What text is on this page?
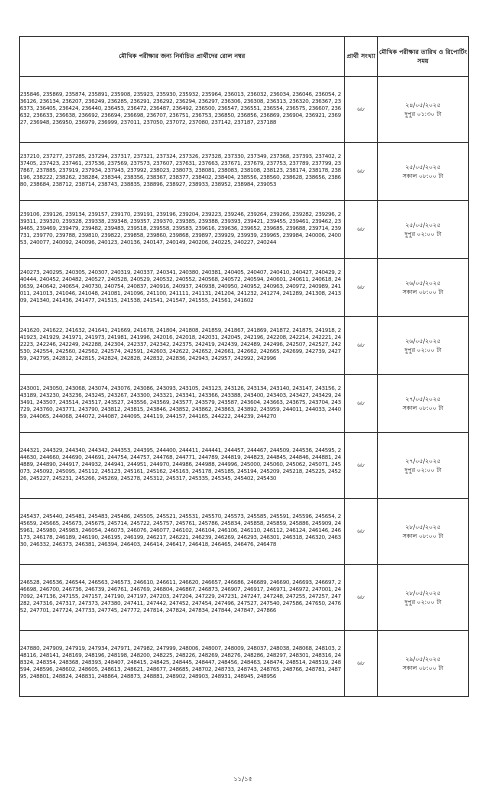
মৌখিক পরীক্ষার জন্য নির্বাচিত প্রার্থীদের রোল নম্বর	প্রার্থী সংখ্যা	মৌখিক পরীক্ষার তারিখ ও রিপোর্টিং সময়
235846, 235869, 235874, 235891, 235908, 235923, 235930, 235932, 235964, 236013, 236032, 236034, 236046, 236054, 236126, 236134, 236207, 236249, 236285, 236291, 236292, 236294, 236297, 236306, 236308, 236313, 236320, 236367, 236373, 236405, 236424, 236440, 236453, 236472, 236487, 236492, 236500, 236547, 236551, 236554, 236575, 236607, 236632, 236633, 236638, 236692, 236694, 236698, 236707, 236751, 236753, 236850, 236856, 236869, 236904, 236921, 236927, 236948, 236950, 236979, 236999, 237011, 237050, 237072, 237080, 237142, 237187, 237188	৬৮	২৪/০৫/২০২৫
দুপুর ০১:৩০ টা

237210, 237277, 237285, 237294, 237317, 237321, 237324, 237326, 237328, 237330, 237349, 237368, 237393, 237402, 237405, 237423, 237461, 237536, 237569, 237573, 237607, 237631, 237663, 237671, 237679, 237753, 237789, 237799, 237867, 237885, 237919, 237934, 237943, 237992, 238023, 238073, 238081, 238083, 238108, 238123, 238174, 238178, 238196, 238222, 238262, 238284, 238344, 238356, 238367, 238377, 238402, 238404, 238556, 238560, 238628, 238656, 238680, 238684, 238712, 238714, 238743, 238835, 238896, 238927, 238933, 238952, 238984, 239053	৬৮	২৫/০৫/২০২৫
সকাল ০৮:০০ টা

239106, 239126, 239134, 239157, 239170, 239191, 239196, 239204, 239223, 239246, 239264, 239266, 239282, 239296, 239311, 239320, 239328, 239338, 239348, 239357, 239370, 239385, 239388, 239393, 239421, 239455, 239461, 239462, 239465, 239469, 239479, 239482, 239483, 239518, 239558, 239583, 239616, 239636, 239652, 239685, 239688, 239714, 239731, 239770, 239788, 239810, 239822, 239858, 239860, 239868, 239897, 239929, 239939, 239965, 239984, 240006, 240053, 240077, 240092, 240096, 240123, 240136, 240147, 240149, 240206, 240225, 240227, 240244	৬৮	২৫/০৫/২০২৫
দুপুর ০২:০০ টা

240273, 240295, 240305, 240307, 240319, 240337, 240341, 240380, 240381, 240405, 240407, 240410, 240427, 240429, 240444, 240452, 240482, 240527, 240528, 240529, 240532, 240552, 240568, 240572, 240594, 240601, 240611, 240618, 240639, 240642, 240654, 240730, 240754, 240837, 240916, 240937, 240938, 240950, 240952, 240963, 240972, 240989, 241011, 241013, 241046, 241048, 241081, 241096, 241100, 241111, 241131, 241204, 241232, 241274, 241289, 241308, 241309, 241340, 241436, 241477, 241515, 241538, 241541, 241547, 241555, 241561, 241602	৬৮	২৬/০৫/২০২৫
সকাল ০৮:০০ টা

241620, 241622, 241632, 241641, 241669, 241678, 241804, 241808, 241859, 241867, 241869, 241872, 241875, 241918, 241923, 241929, 241971, 241973, 241981, 241996, 242016, 242018, 242031, 242045, 242196, 242208, 242214, 242221, 242223, 242246, 242249, 242288, 242304, 242337, 242342, 242375, 242419, 242439, 242489, 242496, 242507, 242527, 242530, 242554, 242560, 242562, 242574, 242591, 242603, 242622, 242652, 242661, 242662, 242665, 242699, 242739, 242759, 242795, 242812, 242815, 242824, 242828, 242832, 242836, 242943, 242957, 242992, 242996	৬৮	২৬/০৫/২০২৫
দুপুর ০২:০০ টা

243001, 243050, 243068, 243074, 243076, 243086, 243093, 243105, 243123, 243126, 243134, 243140, 243147, 243156, 243189, 243230, 243236, 243245, 243267, 243300, 243321, 243341, 243366, 243388, 243400, 243403, 243427, 243429, 243491, 243507, 243514, 243517, 243527, 243556, 243569, 243577, 243579, 243587, 243604, 243663, 243675, 243704, 243729, 243760, 243771, 243790, 243812, 243815, 243846, 243852, 243862, 243863, 243892, 243959, 244011, 244033, 244059, 244065, 244068, 244072, 244087, 244095, 244119, 244157, 244165, 244222, 244239, 244270	৬৮	২৭/০৫/২০২৫
সকাল ০৮:০০ টা

244321, 244329, 244340, 244342, 244353, 244395, 244400, 244411, 244441, 244457, 244467, 244509, 244536, 244595, 244630, 244660, 244690, 244691, 244754, 244757, 244768, 244771, 244789, 244819, 244823, 244845, 244846, 244881, 244889, 244890, 244917, 244932, 244941, 244951, 244970, 244986, 244988, 244996, 245000, 245060, 245062, 245071, 245073, 245092, 245095, 245112, 245123, 245161, 245162, 245163, 245178, 245185, 245194, 245209, 245218, 245225, 245226, 245227, 245231, 245266, 245269, 245278, 245312, 245317, 245335, 245345, 245402, 245430	৬৮	২৭/০৫/২০২৫
দুপুর ০২:০০ টা

245437, 245440, 245481, 245483, 245486, 245505, 245521, 245531, 245570, 245573, 245585, 245591, 245596, 245654, 245659, 245665, 245673, 245675, 245714, 245722, 245757, 245761, 245786, 245834, 245858, 245859, 245886, 245909, 245961, 245980, 245983, 246054, 246073, 246076, 246077, 246102, 246104, 246106, 246110, 246112, 246124, 246146, 246173, 246178, 246189, 246190, 246195, 246199, 246217, 246221, 246239, 246269, 246293, 246301, 246318, 246320, 246330, 246332, 246373, 246381, 246394, 246403, 246414, 246417, 246418, 246465, 246476, 246478	৬৮	২৮/০৫/২০২৫
সকাল ০৮:০০ টা

246528, 246536, 246544, 246563, 246573, 246610, 246611, 246620, 246657, 246686, 246689, 246690, 246693, 246697, 246698, 246700, 246736, 246739, 246761, 246769, 246804, 246867, 246873, 246907, 246917, 246971, 246972, 247001, 247092, 247136, 247155, 247157, 247190, 247197, 247203, 247204, 247229, 247231, 247247, 247248, 247255, 247257, 247282, 247316, 247317, 247373, 247380, 247411, 247442, 247452, 247454, 247496, 247527, 247540, 247586, 247650, 247652, 247701, 247724, 247733, 247745, 247772, 247814, 247824, 247834, 247844, 247847, 247866	৬৮	২৮/০৫/২০২৫
দুপুর ০২:০০ টা

247880, 247909, 247919, 247934, 247971, 247982, 247999, 248006, 248007, 248009, 248037, 248038, 248068, 248103, 248116, 248141, 248169, 248196, 248198, 248200, 248225, 248226, 248269, 248276, 248286, 248297, 248301, 248316, 248324, 248354, 248368, 248393, 248407, 248415, 248425, 248445, 248447, 248456, 248463, 248474, 248514, 248519, 248594, 248596, 248602, 248605, 248613, 248621, 248677, 248685, 248702, 248733, 248743, 248765, 248766, 248781, 248795, 248801, 248824, 248831, 248864, 248873, 248881, 248902, 248903, 248931, 248945, 248956	৬৮	২৯/০৫/২০২৫
সকাল ০৮:০০ টা
১১/১৫
